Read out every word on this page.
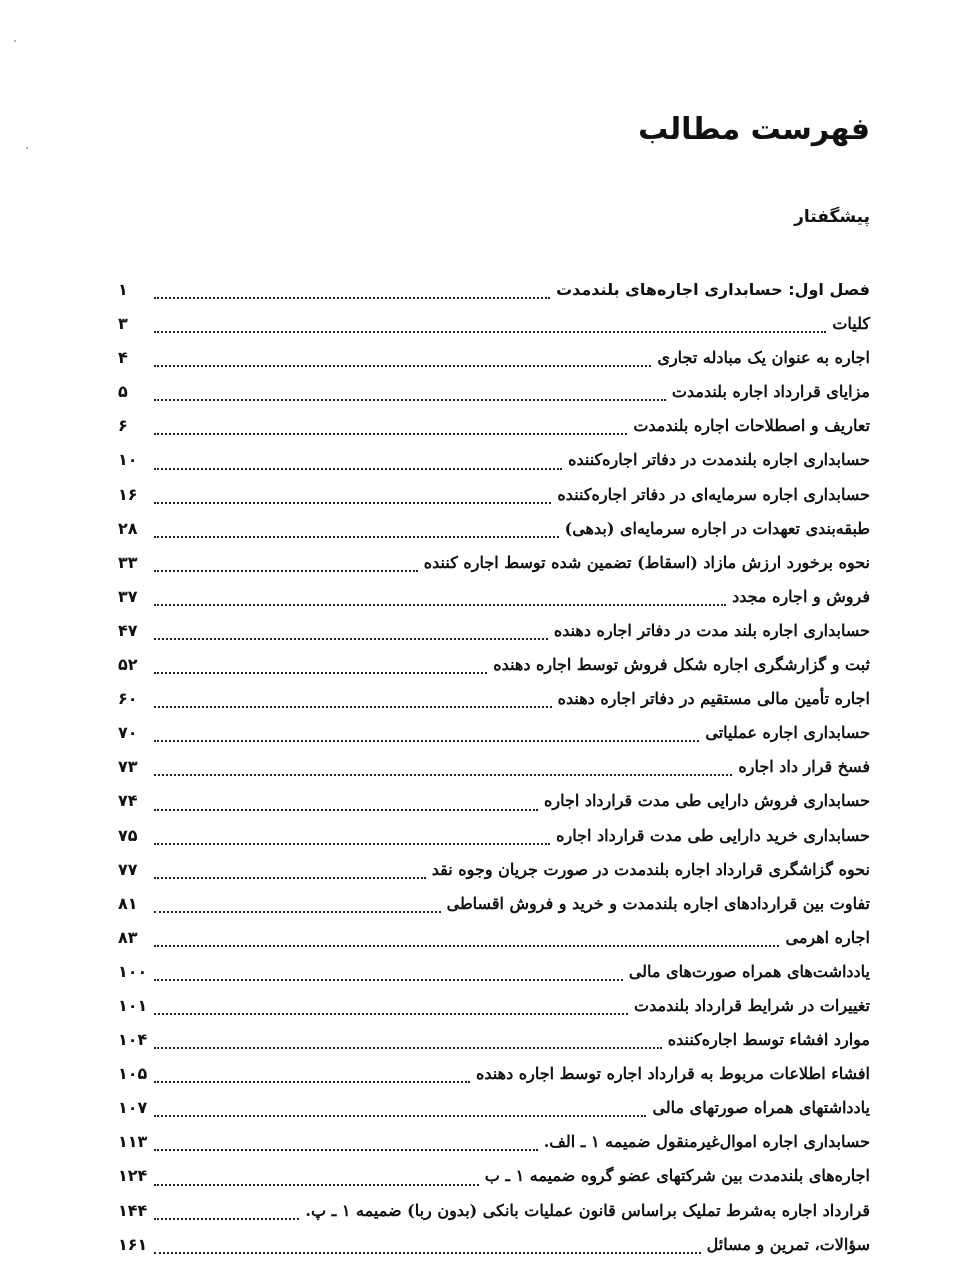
فهرست مطالب
پیشگفتار
فصل اول: حسابداری اجاره‌های بلندمدت
۱
کلیات
۳
اجاره به عنوان یک مبادله تجاری
۴
مزایای قرارداد اجاره بلندمدت
۵
تعاریف و اصطلاحات اجاره بلندمدت
۶
حسابداری اجاره بلندمدت در دفاتر اجاره‌کننده
۱۰
حسابداری اجاره سرمایه‌ای در دفاتر اجاره‌کننده
۱۶
طبقه‌بندی تعهدات در اجاره سرمایه‌ای (بدهی)
۲۸
نحوه برخورد ارزش مازاد (اسقاط) تضمین شده توسط اجاره کننده
۳۳
فروش و اجاره مجدد
۳۷
حسابداری اجاره بلند مدت در دفاتر اجاره دهنده
۴۷
ثبت و گزارشگری اجاره شکل فروش توسط اجاره دهنده
۵۲
اجاره تأمین مالی مستقیم در دفاتر اجاره دهنده
۶۰
حسابداری اجاره عملیاتی
۷۰
فسخ قرار داد اجاره
۷۳
حسابداری فروش دارایی طی مدت قرارداد اجاره
۷۴
حسابداری خرید دارایی طی مدت قرارداد اجاره
۷۵
نحوه گزاشگری قرارداد اجاره بلندمدت در صورت جریان وجوه نقد
۷۷
تفاوت بین قراردادهای اجاره بلندمدت و خرید و فروش اقساطی
۸۱
اجاره اهرمی
۸۳
یادداشت‌های همراه صورت‌های مالی
۱۰۰
تغییرات در شرایط قرارداد بلندمدت
۱۰۱
موارد افشاء توسط اجاره‌کننده
۱۰۴
افشاء اطلاعات مربوط به قرارداد اجاره توسط اجاره دهنده
۱۰۵
یادداشتهای همراه صورتهای مالی
۱۰۷
حسابداری اجاره اموال‌غیرمنقول ضمیمه ۱ ـ الف.
۱۱۳
اجاره‌های بلندمدت بین شرکتهای عضو گروه ضمیمه ۱ ـ ب
۱۲۴
قرارداد اجاره به‌شرط تملیک براساس قانون عملیات بانکی (بدون ربا) ضمیمه ۱ ـ پ.
۱۴۴
سؤالات، تمرین و مسائل
۱۶۱
